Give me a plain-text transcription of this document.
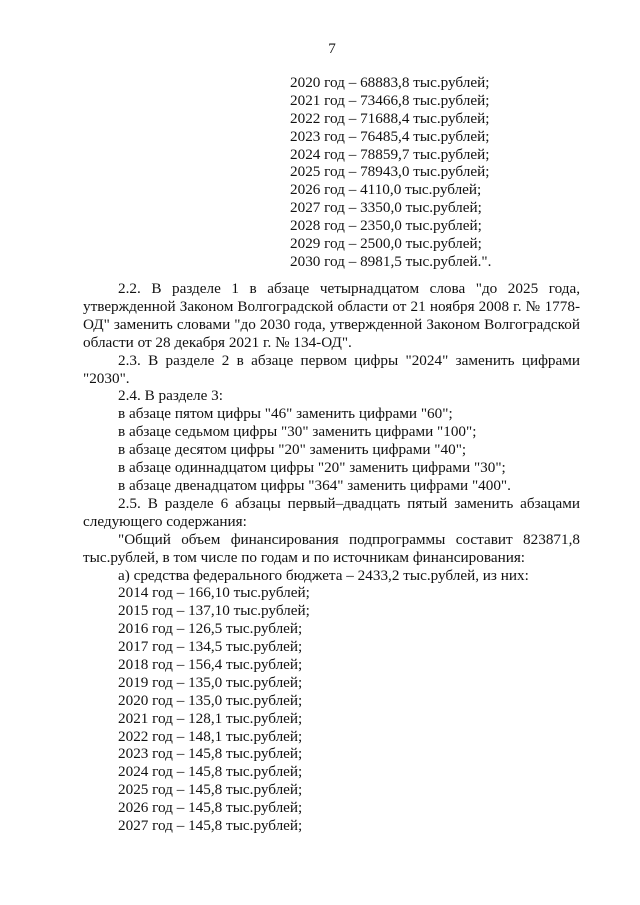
7
2020 год – 68883,8 тыс.рублей;
2021 год – 73466,8 тыс.рублей;
2022 год – 71688,4 тыс.рублей;
2023 год – 76485,4 тыс.рублей;
2024 год – 78859,7 тыс.рублей;
2025 год – 78943,0 тыс.рублей;
2026 год – 4110,0 тыс.рублей;
2027 год – 3350,0 тыс.рублей;
2028 год – 2350,0 тыс.рублей;
2029 год – 2500,0 тыс.рублей;
2030 год – 8981,5 тыс.рублей.".

2.2. В разделе 1 в абзаце четырнадцатом слова "до 2025 года, утвержденной Законом Волгоградской области от 21 ноября 2008 г. № 1778-ОД" заменить словами "до 2030 года, утвержденной Законом Волгоградской области от 28 декабря 2021 г. № 134-ОД".

2.3. В разделе 2 в абзаце первом цифры "2024" заменить цифрами "2030".

2.4. В разделе 3:

в абзаце пятом цифры "46" заменить цифрами "60";

в абзаце седьмом цифры "30" заменить цифрами "100";

в абзаце десятом цифры "20" заменить цифрами "40";

в абзаце одиннадцатом цифры "20" заменить цифрами "30";

в абзаце двенадцатом цифры "364" заменить цифрами "400".

2.5. В разделе 6 абзацы первый–двадцать пятый заменить абзацами следующего содержания:

"Общий объем финансирования подпрограммы составит 823871,8 тыс.рублей, в том числе по годам и по источникам финансирования:

а) средства федерального бюджета – 2433,2 тыс.рублей, из них:

2014 год – 166,10 тыс.рублей;
2015 год – 137,10 тыс.рублей;
2016 год – 126,5 тыс.рублей;
2017 год – 134,5 тыс.рублей;
2018 год – 156,4 тыс.рублей;
2019 год – 135,0 тыс.рублей;
2020 год – 135,0 тыс.рублей;
2021 год – 128,1 тыс.рублей;
2022 год – 148,1 тыс.рублей;
2023 год – 145,8 тыс.рублей;
2024 год – 145,8 тыс.рублей;
2025 год – 145,8 тыс.рублей;
2026 год – 145,8 тыс.рублей;
2027 год – 145,8 тыс.рублей;
